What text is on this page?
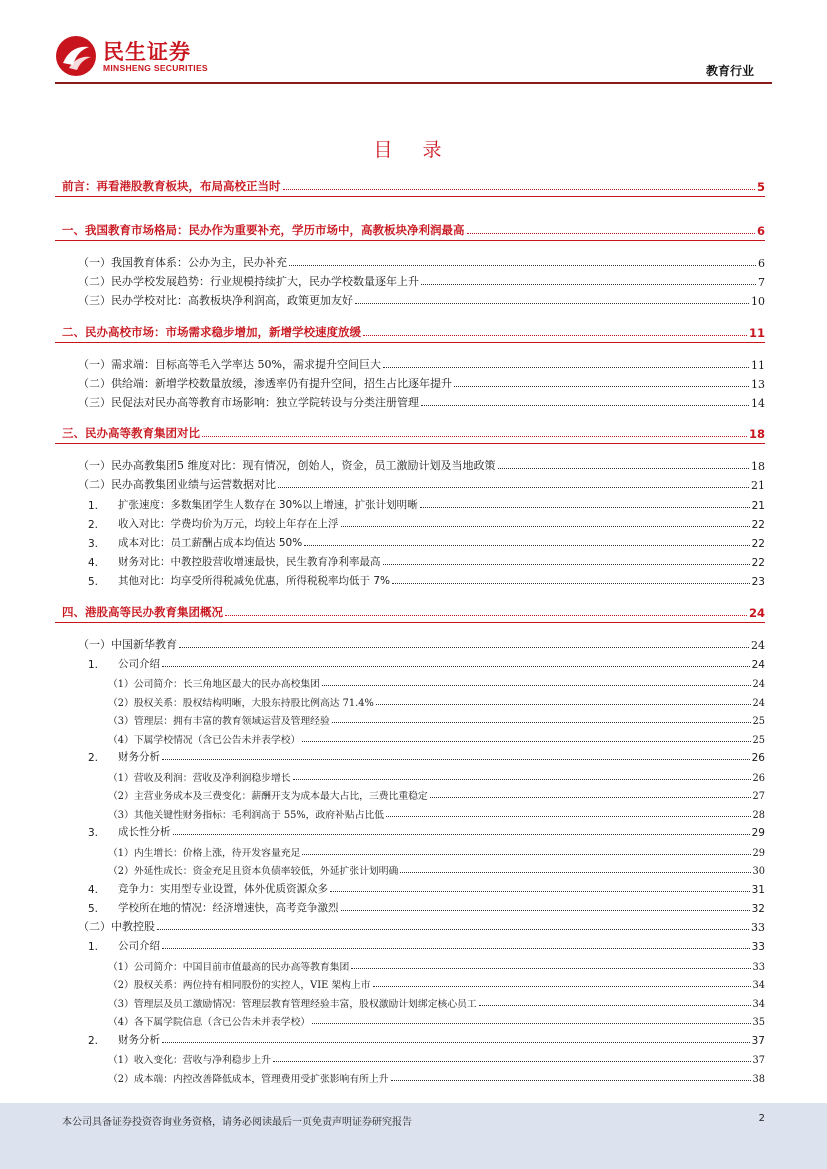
民生证券
MINSHENG SECURITIES	教育行业
目 录
前言：再看港股教育板块，布局高校正当时	5
一、我国教育市场格局：民办作为重要补充，学历市场中，高教板块净利润最高	6
（一）我国教育体系：公办为主，民办补充	6
（二）民办学校发展趋势：行业规模持续扩大，民办学校数量逐年上升	7
（三）民办学校对比：高教板块净利润高，政策更加友好	10
二、民办高校市场：市场需求稳步增加，新增学校速度放缓	11
（一）需求端：目标高等毛入学率达 50%，需求提升空间巨大	11
（二）供给端：新增学校数量放缓，渗透率仍有提升空间，招生占比逐年提升	13
（三）民促法对民办高等教育市场影响：独立学院转设与分类注册管理	14
三、民办高等教育集团对比	18
（一）民办高教集团5 维度对比：现有情况，创始人，资金，员工激励计划及当地政策	18
（二）民办高教集团业绩与运营数据对比	21
1.	扩张速度：多数集团学生人数存在 30%以上增速，扩张计划明晰	21
2.	收入对比：学费均价为万元，均较上年存在上浮	22
3.	成本对比：员工薪酬占成本均值达 50%	22
4.	财务对比：中教控股营收增速最快，民生教育净利率最高	22
5.	其他对比：均享受所得税减免优惠，所得税税率均低于 7%	23
四、港股高等民办教育集团概况	24
（一）中国新华教育	24
1.	公司介绍	24
（1）公司简介：长三角地区最大的民办高校集团	24
（2）股权关系：股权结构明晰，大股东持股比例高达 71.4%	24
（3）管理层：拥有丰富的教育领域运营及管理经验	25
（4）下属学校情况（含已公告未并表学校）	25
2.	财务分析	26
（1）营收及利润：营收及净利润稳步增长	26
（2）主营业务成本及三费变化：薪酬开支为成本最大占比，三费比重稳定	27
（3）其他关键性财务指标：毛利润高于 55%，政府补贴占比低	28
3.	成长性分析	29
（1）内生增长：价格上涨，待开发容量充足	29
（2）外延性成长：资金充足且资本负债率较低，外延扩张计划明确	30
4.	竞争力：实用型专业设置，体外优质资源众多	31
5.	学校所在地的情况：经济增速快，高考竞争激烈	32
（二）中教控股	33
1.	公司介绍	33
（1）公司简介：中国目前市值最高的民办高等教育集团	33
（2）股权关系：两位持有相同股份的实控人，VIE 架构上市	34
（3）管理层及员工激励情况：管理层教育管理经验丰富，股权激励计划绑定核心员工	34
（4）各下属学院信息（含已公告未并表学校）	35
2.	财务分析	37
（1）收入变化：营收与净利稳步上升	37
（2）成本端：内控改善降低成本，管理费用受扩张影响有所上升	38
本公司具备证券投资咨询业务资格，请务必阅读最后一页免责声明证券研究报告	2
